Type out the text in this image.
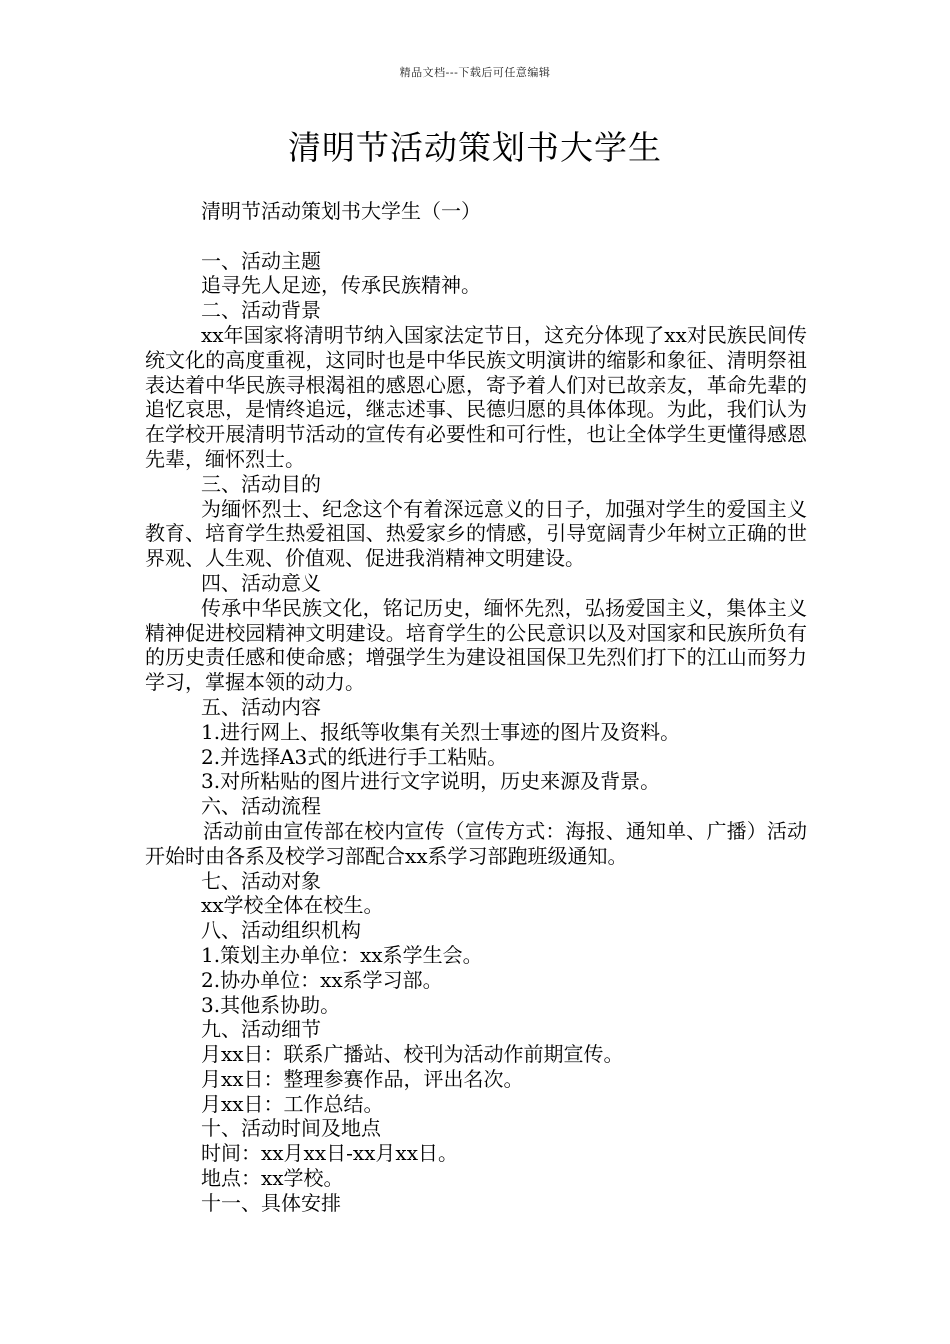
精品文档---下载后可任意编辑
清明节活动策划书大学生
清明节活动策划书大学生（一）
一、活动主题
追寻先人足迹，传承民族精神。
二、活动背景

xx年国家将清明节纳入国家法定节日，这充分体现了xx对民族民间传统文化的高度重视，这同时也是中华民族文明演讲的缩影和象征、清明祭祖表达着中华民族寻根渴祖的感恩心愿，寄予着人们对已故亲友，革命先辈的追忆哀思，是情终追远，继志述事、民德归愿的具体体现。为此，我们认为在学校开展清明节活动的宣传有必要性和可行性，也让全体学生更懂得感恩先辈，缅怀烈士。

三、活动目的

为缅怀烈士、纪念这个有着深远意义的日子，加强对学生的爱国主义教育、培育学生热爱祖国、热爱家乡的情感，引导宽阔青少年树立正确的世界观、人生观、价值观、促进我消精神文明建设。

四、活动意义

传承中华民族文化，铭记历史，缅怀先烈，弘扬爱国主义，集体主义精神促进校园精神文明建设。培育学生的公民意识以及对国家和民族所负有的历史责任感和使命感；增强学生为建设祖国保卫先烈们打下的江山而努力学习，掌握本领的动力。

五、活动内容
1.进行网上、报纸等收集有关烈士事迹的图片及资料。
2.并选择A3式的纸进行手工粘贴。
3.对所粘贴的图片进行文字说明，历史来源及背景。
六、活动流程

活动前由宣传部在校内宣传（宣传方式：海报、通知单、广播）活动开始时由各系及校学习部配合xx系学习部跑班级通知。

七、活动对象
xx学校全体在校生。
八、活动组织机构
1.策划主办单位：xx系学生会。
2.协办单位：xx系学习部。
3.其他系协助。
九、活动细节
月xx日：联系广播站、校刊为活动作前期宣传。
月xx日：整理参赛作品，评出名次。
月xx日：工作总结。
十、活动时间及地点
时间：xx月xx日-xx月xx日。
地点：xx学校。
十一、具体安排
